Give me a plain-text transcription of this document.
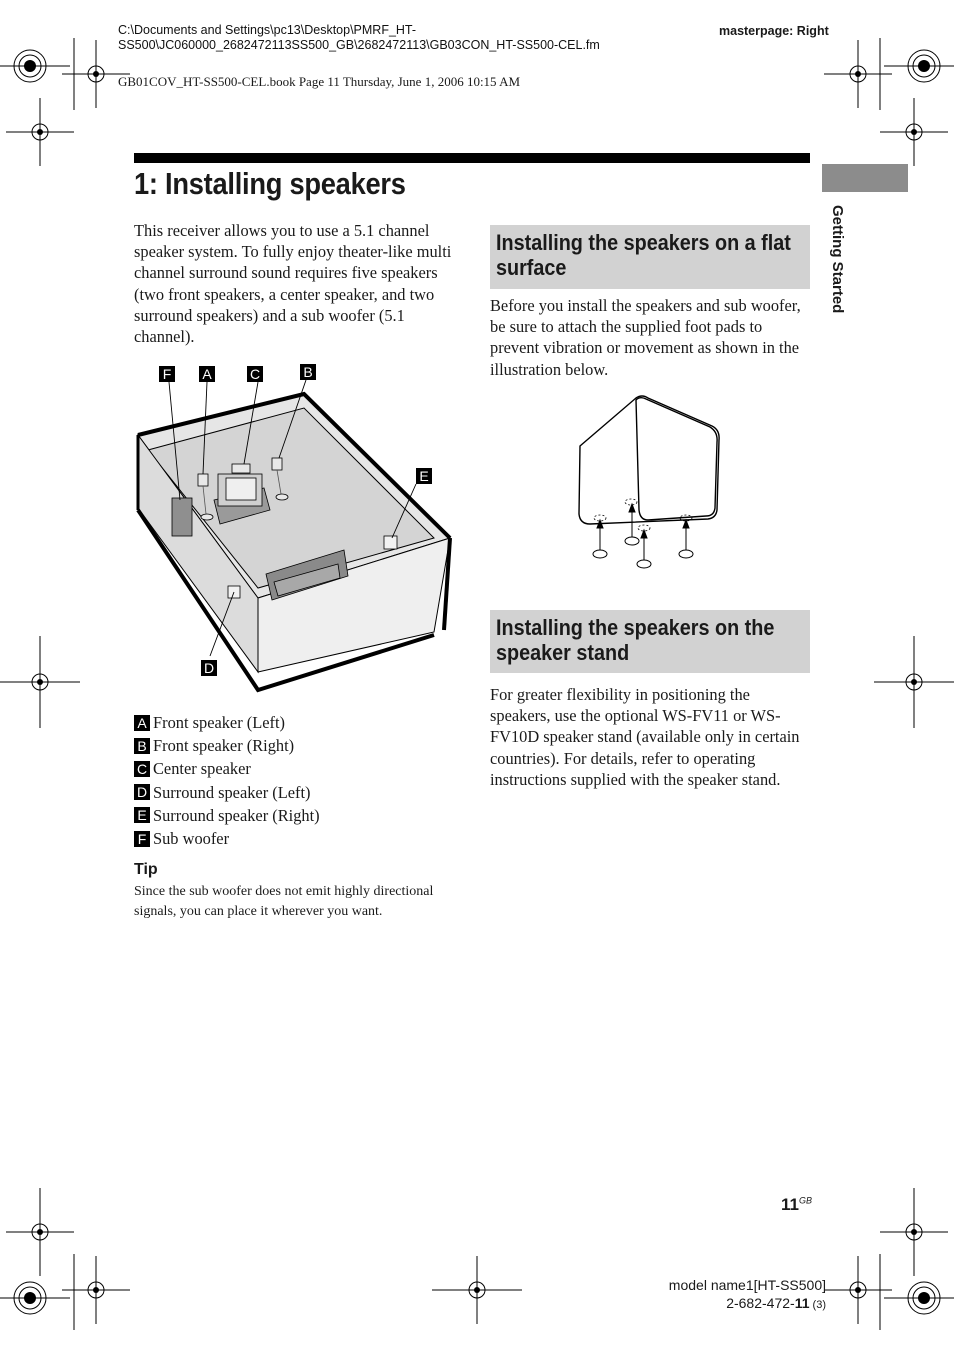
C:\Documents and Settings\pc13\Desktop\PMRF_HT-
SS500\JC060000_2682472113SS500_GB\2682472113\GB03CON_HT-SS500-CEL.fm
masterpage: Right
GB01COV_HT-SS500-CEL.book Page 11 Thursday, June 1, 2006 10:15 AM
1: Installing speakers
Getting Started
This receiver allows you to use a 5.1 channel speaker system. To fully enjoy theater-like multi channel surround sound requires five speakers (two front speakers, a center speaker, and two surround speakers) and a sub woofer (5.1 channel).
F A	C	B
E
D
A Front speaker (Left)
B Front speaker (Right)
C Center speaker
D Surround speaker (Left)
E Surround speaker (Right)
F Sub woofer
Tip
Since the sub woofer does not emit highly directional signals, you can place it wherever you want.
Installing the speakers on a flat surface
Before you install the speakers and sub woofer, be sure to attach the supplied foot pads to prevent vibration or movement as shown in the illustration below.
Installing the speakers on the speaker stand
For greater flexibility in positioning the speakers, use the optional WS-FV11 or WS-FV10D speaker stand (available only in certain countries). For details, refer to operating instructions supplied with the speaker stand.
$11^{GB}$
model name1[HT-SS500]
2-682-472-11 (3)
